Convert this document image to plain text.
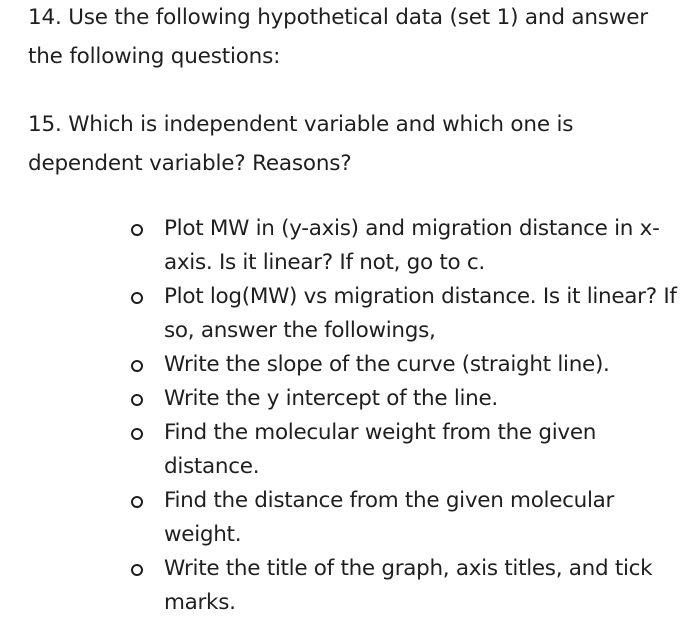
14. Use the following hypothetical data (set 1) and answer the following questions:

15. Which is independent variable and which one is dependent variable? Reasons?

Plot MW in (y-axis) and migration distance in x-axis. Is it linear? If not, go to c.
Plot log(MW) vs migration distance. Is it linear? If so, answer the followings,
Write the slope of the curve (straight line).
Write the y intercept of the line.
Find the molecular weight from the given distance.
Find the distance from the given molecular weight.
Write the title of the graph, axis titles, and tick marks.
